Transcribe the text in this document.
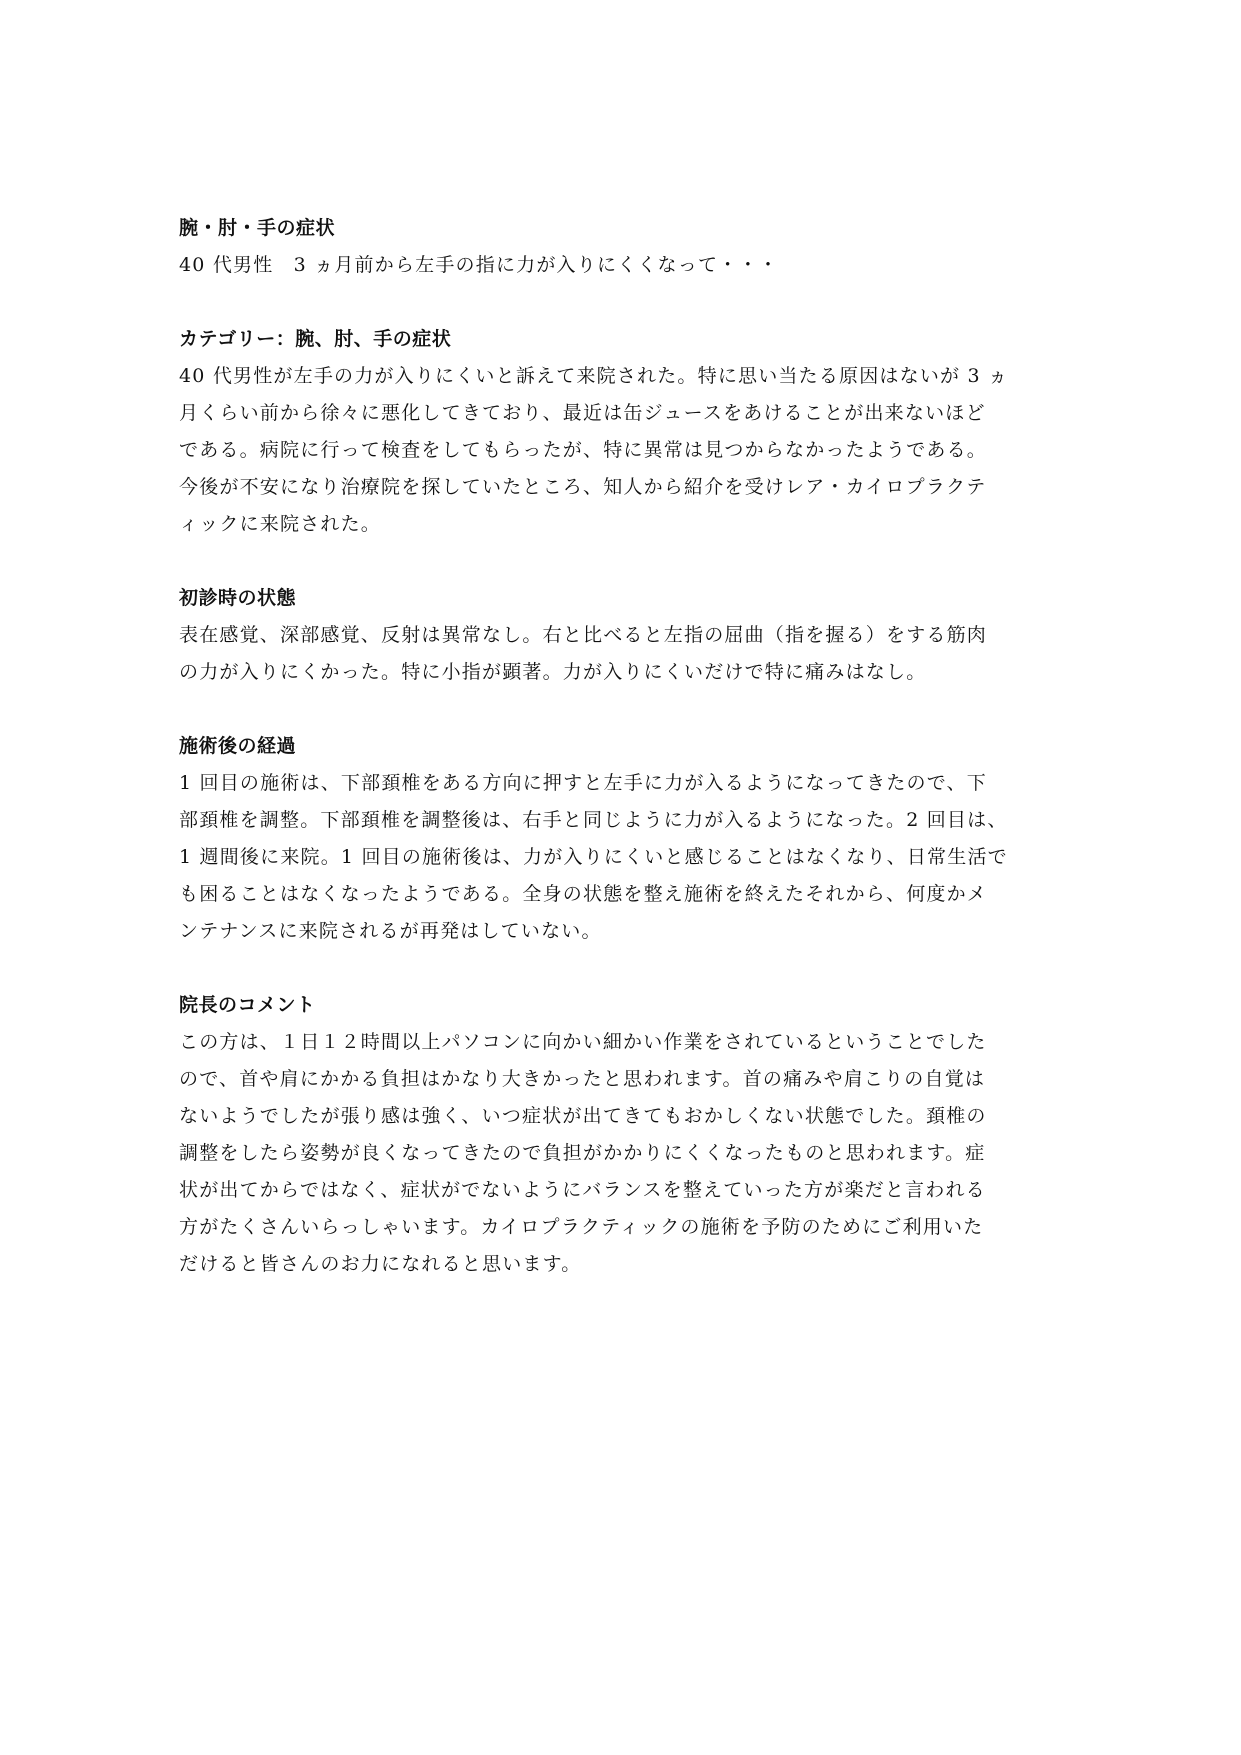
腕・肘・手の症状
40 代男性　3 ヵ月前から左手の指に力が入りにくくなって・・・
カテゴリー：腕、肘、手の症状
40 代男性が左手の力が入りにくいと訴えて来院された。特に思い当たる原因はないが 3 ヵ
月くらい前から徐々に悪化してきており、最近は缶ジュースをあけることが出来ないほど
である。病院に行って検査をしてもらったが、特に異常は見つからなかったようである。
今後が不安になり治療院を探していたところ、知人から紹介を受けレア・カイロプラクテ
ィックに来院された。
初診時の状態
表在感覚、深部感覚、反射は異常なし。右と比べると左指の屈曲（指を握る）をする筋肉
の力が入りにくかった。特に小指が顕著。力が入りにくいだけで特に痛みはなし。
施術後の経過
1 回目の施術は、下部頚椎をある方向に押すと左手に力が入るようになってきたので、下
部頚椎を調整。下部頚椎を調整後は、右手と同じように力が入るようになった。2 回目は、
1 週間後に来院。1 回目の施術後は、力が入りにくいと感じることはなくなり、日常生活で
も困ることはなくなったようである。全身の状態を整え施術を終えたそれから、何度かメ
ンテナンスに来院されるが再発はしていない。
院長のコメント
この方は、１日１２時間以上パソコンに向かい細かい作業をされているということでした
ので、首や肩にかかる負担はかなり大きかったと思われます。首の痛みや肩こりの自覚は
ないようでしたが張り感は強く、いつ症状が出てきてもおかしくない状態でした。頚椎の
調整をしたら姿勢が良くなってきたので負担がかかりにくくなったものと思われます。症
状が出てからではなく、症状がでないようにバランスを整えていった方が楽だと言われる
方がたくさんいらっしゃいます。カイロプラクティックの施術を予防のためにご利用いた
だけると皆さんのお力になれると思います。
